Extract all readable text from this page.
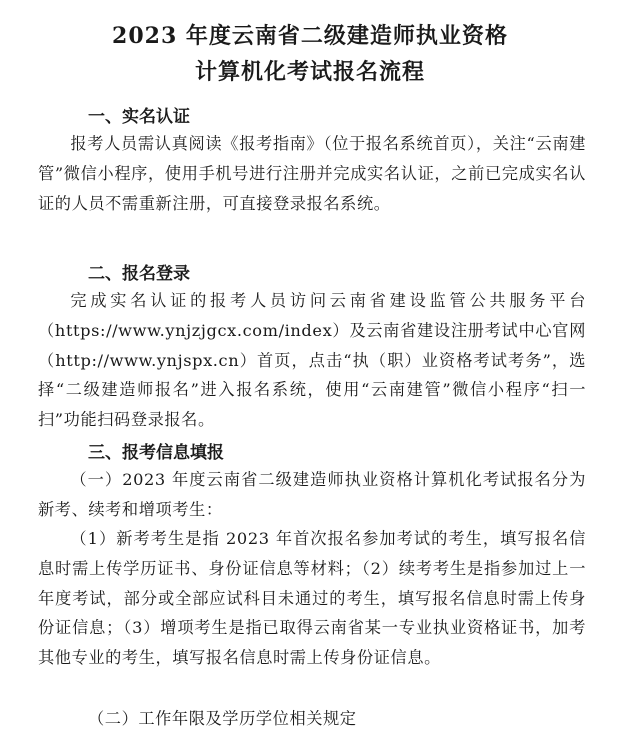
2023 年度云南省二级建造师执业资格
计算机化考试报名流程
一、实名认证

报考人员需认真阅读《报考指南》（位于报名系统首页），关注“云南建管”微信小程序，使用手机号进行注册并完成实名认证，之前已完成实名认证的人员不需重新注册，可直接登录报名系统。

二、报名登录

完成实名认证的报考人员访问云南省建设监管公共服务平台（https://www.ynjzjgcx.com/index）及云南省建设注册考试中心官网（http://www.ynjspx.cn）首页，点击“执（职）业资格考试考务”，选择“二级建造师报名”进入报名系统，使用“云南建管”微信小程序“扫一扫”功能扫码登录报名。

三、报考信息填报

（一）2023 年度云南省二级建造师执业资格计算机化考试报名分为新考、续考和增项考生：

（1）新考考生是指 2023 年首次报名参加考试的考生，填写报名信息时需上传学历证书、身份证信息等材料；（2）续考考生是指参加过上一年度考试，部分或全部应试科目未通过的考生，填写报名信息时需上传身份证信息；（3）增项考生是指已取得云南省某一专业执业资格证书，加考其他专业的考生，填写报名信息时需上传身份证信息。

（二）工作年限及学历学位相关规定
